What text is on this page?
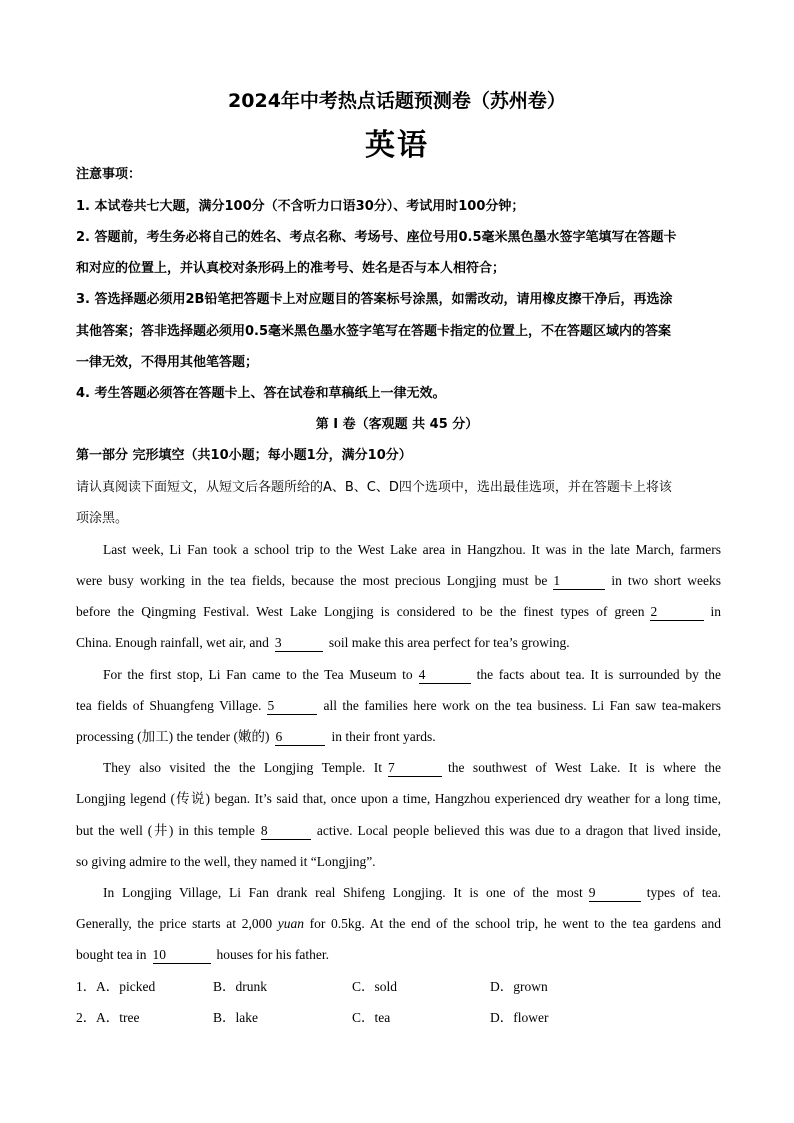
2024年中考热点话题预测卷（苏州卷）
英语
注意事项：
1. 本试卷共七大题，满分100分（不含听力口语30分）、考试用时100分钟；
2. 答题前，考生务必将自己的姓名、考点名称、考场号、座位号用0.5毫米黑色墨水签字笔填写在答题卡
和对应的位置上，并认真校对条形码上的准考号、姓名是否与本人相符合；
3. 答选择题必须用2B铅笔把答题卡上对应题目的答案标号涂黑，如需改动，请用橡皮擦干净后，再选涂
其他答案；答非选择题必须用0.5毫米黑色墨水签字笔写在答题卡指定的位置上，不在答题区域内的答案
一律无效，不得用其他笔答题；
4. 考生答题必须答在答题卡上、答在试卷和草稿纸上一律无效。
第 I 卷（客观题 共 45 分）
第一部分 完形填空（共10小题；每小题1分，满分10分）
请认真阅读下面短文，从短文后各题所给的A、B、C、D四个选项中，选出最佳选项，并在答题卡上将该
项涂黑。
Last week, Li Fan took a school trip to the West Lake area in Hangzhou. It was in the late March, farmers
were busy working in the tea fields, because the most precious Longjing must be 1	in two short weeks
before the Qingming Festival. West Lake Longjing is considered to be the finest types of green 2	in
China. Enough rainfall, wet air, and 3	soil make this area perfect for tea’s growing.
For the first stop, Li Fan came to the Tea Museum to 4	the facts about tea. It is surrounded by the
tea fields of Shuangfeng Village. 5	all the families here work on the tea business. Li Fan saw tea-makers
processing (加工) the tender (嫩的) 6	in their front yards.
They also visited the the Longjing Temple. It 7	the southwest of West Lake. It is where the
Longjing legend (传说) began. It’s said that, once upon a time, Hangzhou experienced dry weather for a long time,
but the well (井) in this temple 8	active. Local people believed this was due to a dragon that lived inside,
so giving admire to the well, they named it “Longjing”.
In Longjing Village, Li Fan drank real Shifeng Longjing. It is one of the most 9	types of tea.
Generally, the price starts at 2,000 yuan for 0.5kg. At the end of the school trip, he went to the tea gardens and
bought tea in 10	houses for his father.
1． A．picked	B．drunk	C．sold	D．grown
2． A．tree	B．lake	C．tea	D．flower
